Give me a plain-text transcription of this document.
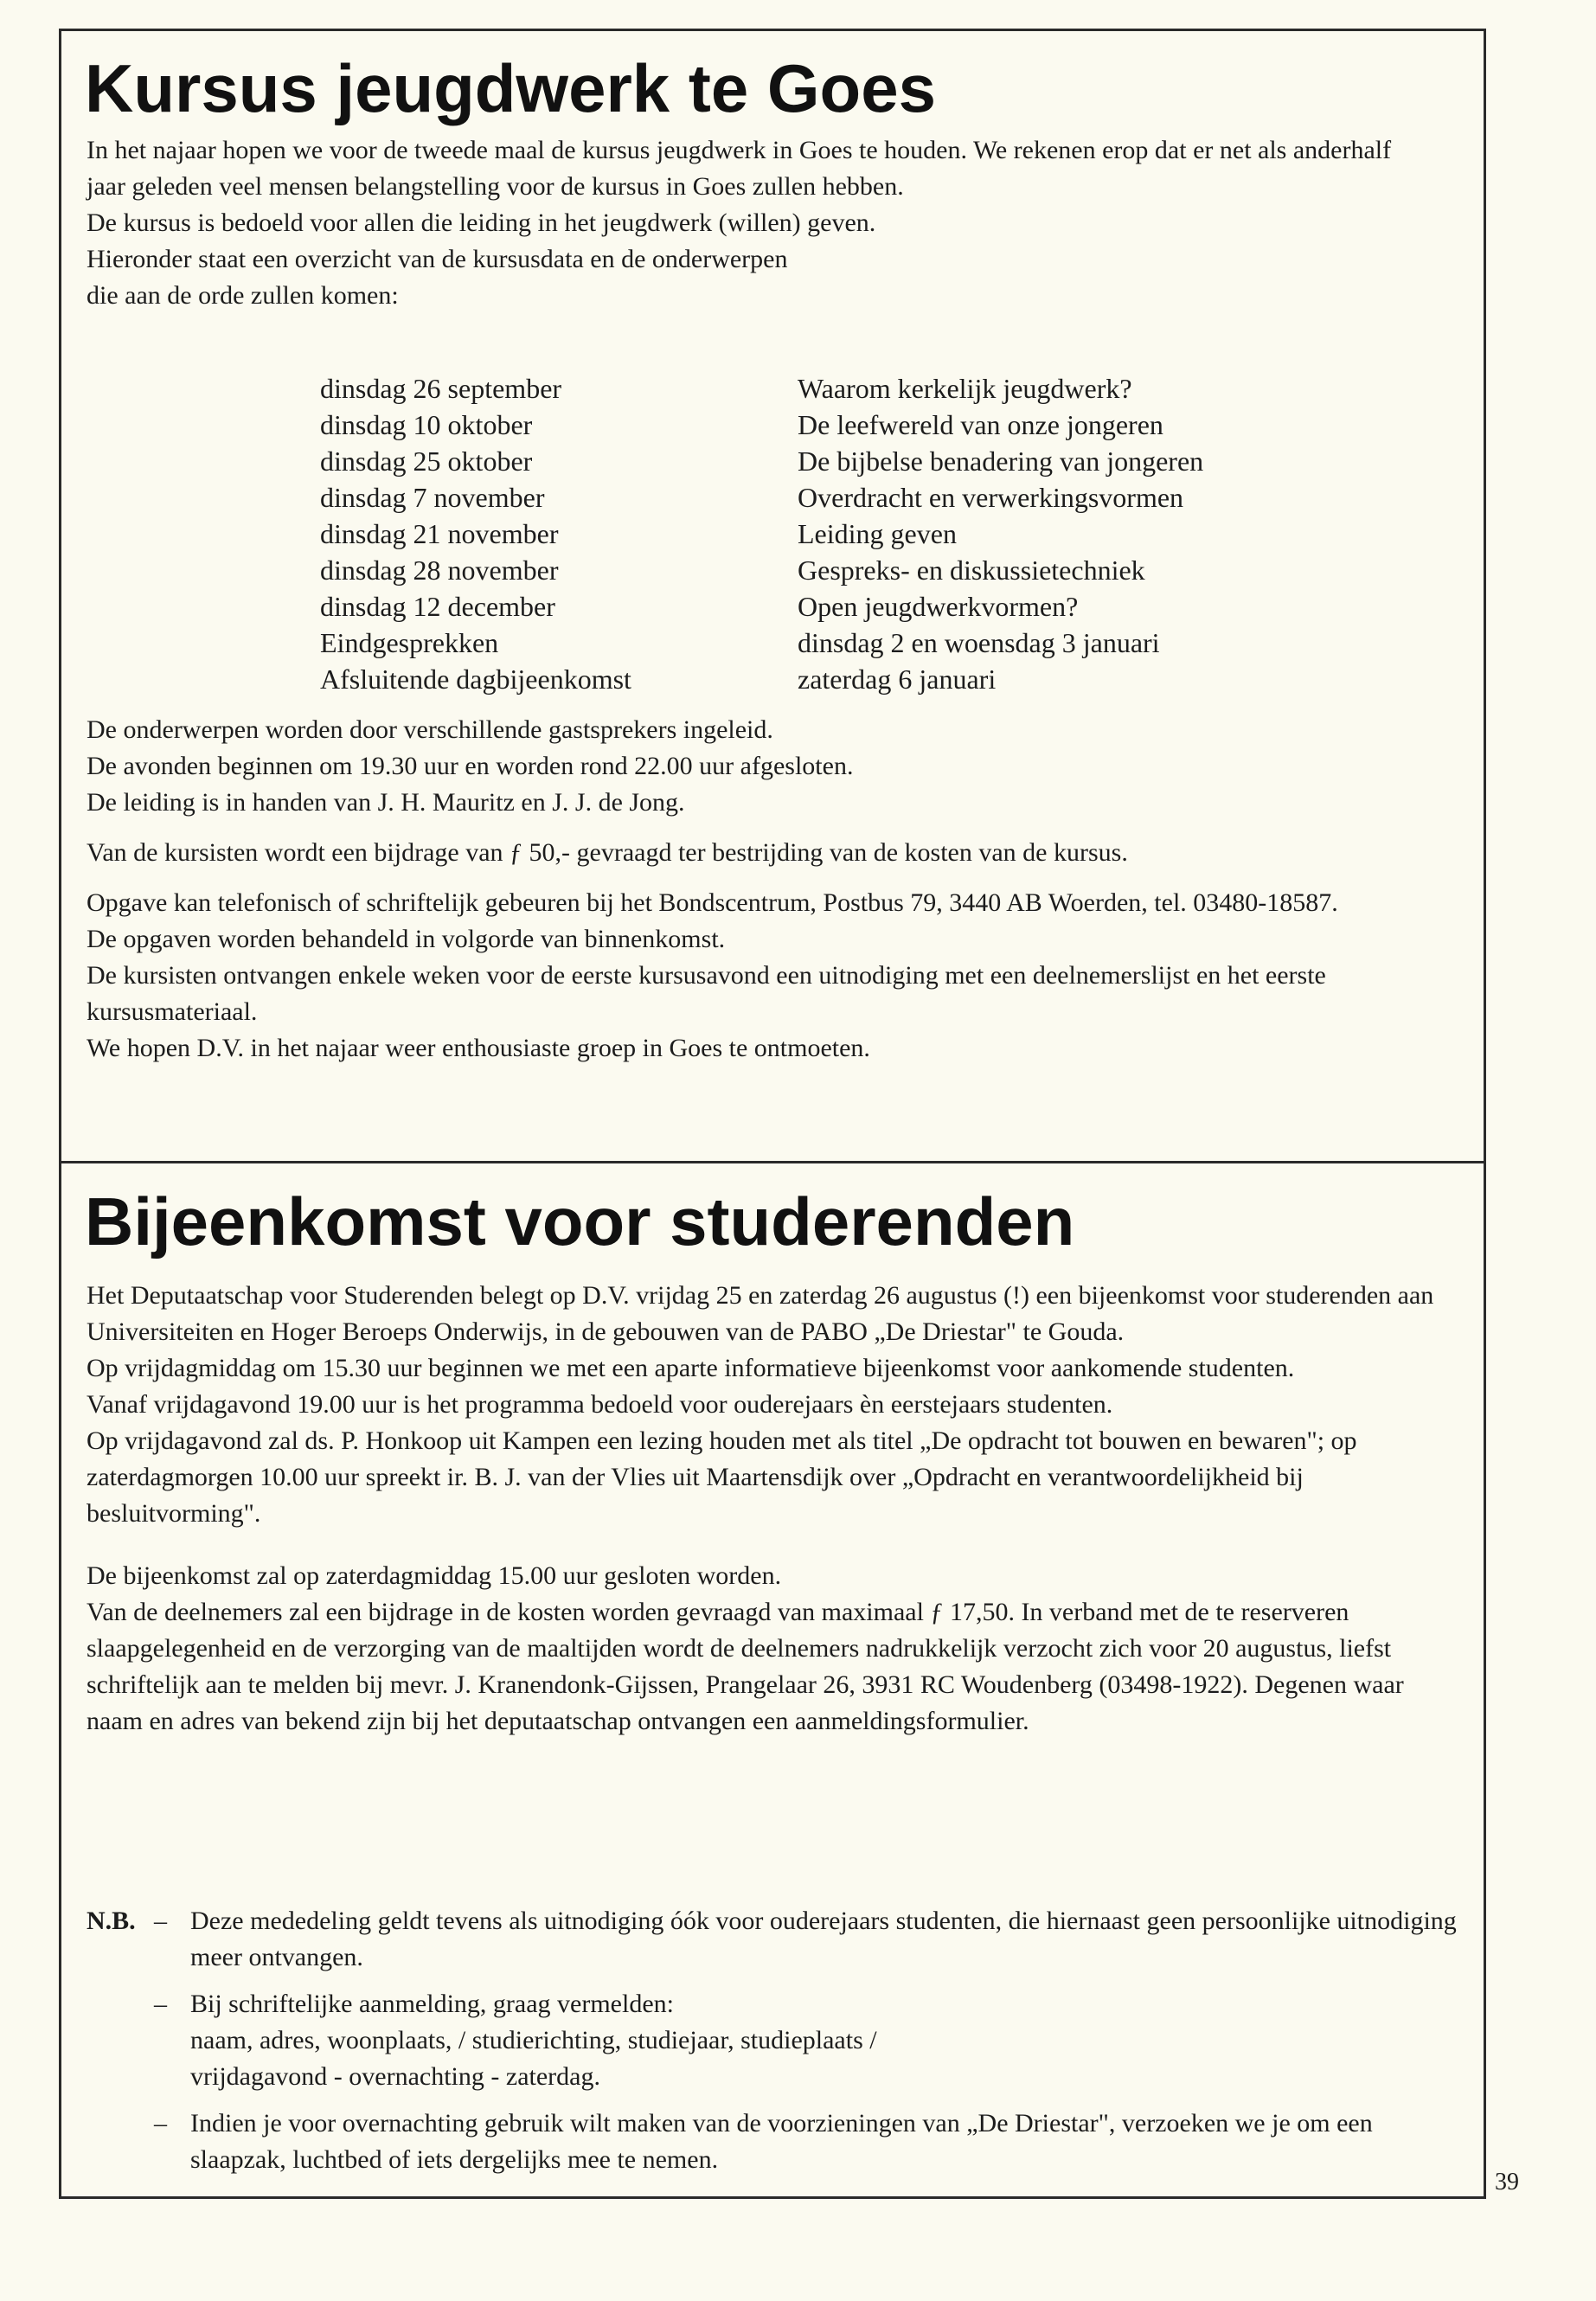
Kursus jeugdwerk te Goes

In het najaar hopen we voor de tweede maal de kursus jeugdwerk in Goes te houden. We rekenen erop dat er net als anderhalf jaar geleden veel mensen belangstelling voor de kursus in Goes zullen hebben.

De kursus is bedoeld voor allen die leiding in het jeugdwerk (willen) geven.

Hieronder staat een overzicht van de kursusdata en de onderwerpen

die aan de orde zullen komen:

dinsdag 26 september	Waarom kerkelijk jeugdwerk?
dinsdag 10 oktober	De leefwereld van onze jongeren
dinsdag 25 oktober	De bijbelse benadering van jongeren
dinsdag 7 november	Overdracht en verwerkingsvormen
dinsdag 21 november	Leiding geven
dinsdag 28 november	Gespreks- en diskussietechniek
dinsdag 12 december	Open jeugdwerkvormen?
Eindgesprekken	dinsdag 2 en woensdag 3 januari
Afsluitende dagbijeenkomst	zaterdag 6 januari

De onderwerpen worden door verschillende gastsprekers ingeleid.

De avonden beginnen om 19.30 uur en worden rond 22.00 uur afgesloten.

De leiding is in handen van J. H. Mauritz en J. J. de Jong.

Van de kursisten wordt een bijdrage van ƒ 50,- gevraagd ter bestrijding van de kosten van de kursus.

Opgave kan telefonisch of schriftelijk gebeuren bij het Bondscentrum, Postbus 79, 3440 AB Woerden, tel. 03480-18587.

De opgaven worden behandeld in volgorde van binnenkomst.

De kursisten ontvangen enkele weken voor de eerste kursusavond een uitnodiging met een deelnemerslijst en het eerste kursusmateriaal.

We hopen D.V. in het najaar weer enthousiaste groep in Goes te ontmoeten.

Bijeenkomst voor studerenden

Het Deputaatschap voor Studerenden belegt op D.V. vrijdag 25 en zaterdag 26 augustus (!) een bijeenkomst voor studerenden aan Universiteiten en Hoger Beroeps Onderwijs, in de gebouwen van de PABO „De Driestar" te Gouda.

Op vrijdagmiddag om 15.30 uur beginnen we met een aparte informatieve bijeenkomst voor aankomende studenten.

Vanaf vrijdagavond 19.00 uur is het programma bedoeld voor ouderejaars èn eerstejaars studenten.

Op vrijdagavond zal ds. P. Honkoop uit Kampen een lezing houden met als titel „De opdracht tot bouwen en bewaren"; op zaterdagmorgen 10.00 uur spreekt ir. B. J. van der Vlies uit Maartensdijk over „Opdracht en verantwoordelijkheid bij besluitvorming".

De bijeenkomst zal op zaterdagmiddag 15.00 uur gesloten worden.

Van de deelnemers zal een bijdrage in de kosten worden gevraagd van maximaal ƒ 17,50. In verband met de te reserveren slaapgelegenheid en de verzorging van de maaltijden wordt de deelnemers nadrukkelijk verzocht zich voor 20 augustus, liefst schriftelijk aan te melden bij mevr. J. Kranendonk-Gijssen, Prangelaar 26, 3931 RC Woudenberg (03498-1922). Degenen waar naam en adres van bekend zijn bij het deputaatschap ontvangen een aanmeldingsformulier.

N.B. – Deze mededeling geldt tevens als uitnodiging óók voor ouderejaars studenten, die hiernaast geen persoonlijke uitnodiging meer ontvangen.
– Bij schriftelijke aanmelding, graag vermelden:
naam, adres, woonplaats, / studierichting, studiejaar, studieplaats /
vrijdagavond - overnachting - zaterdag.
– Indien je voor overnachting gebruik wilt maken van de voorzieningen van „De Driestar", verzoeken we je om een slaapzak, luchtbed of iets dergelijks mee te nemen.
39
